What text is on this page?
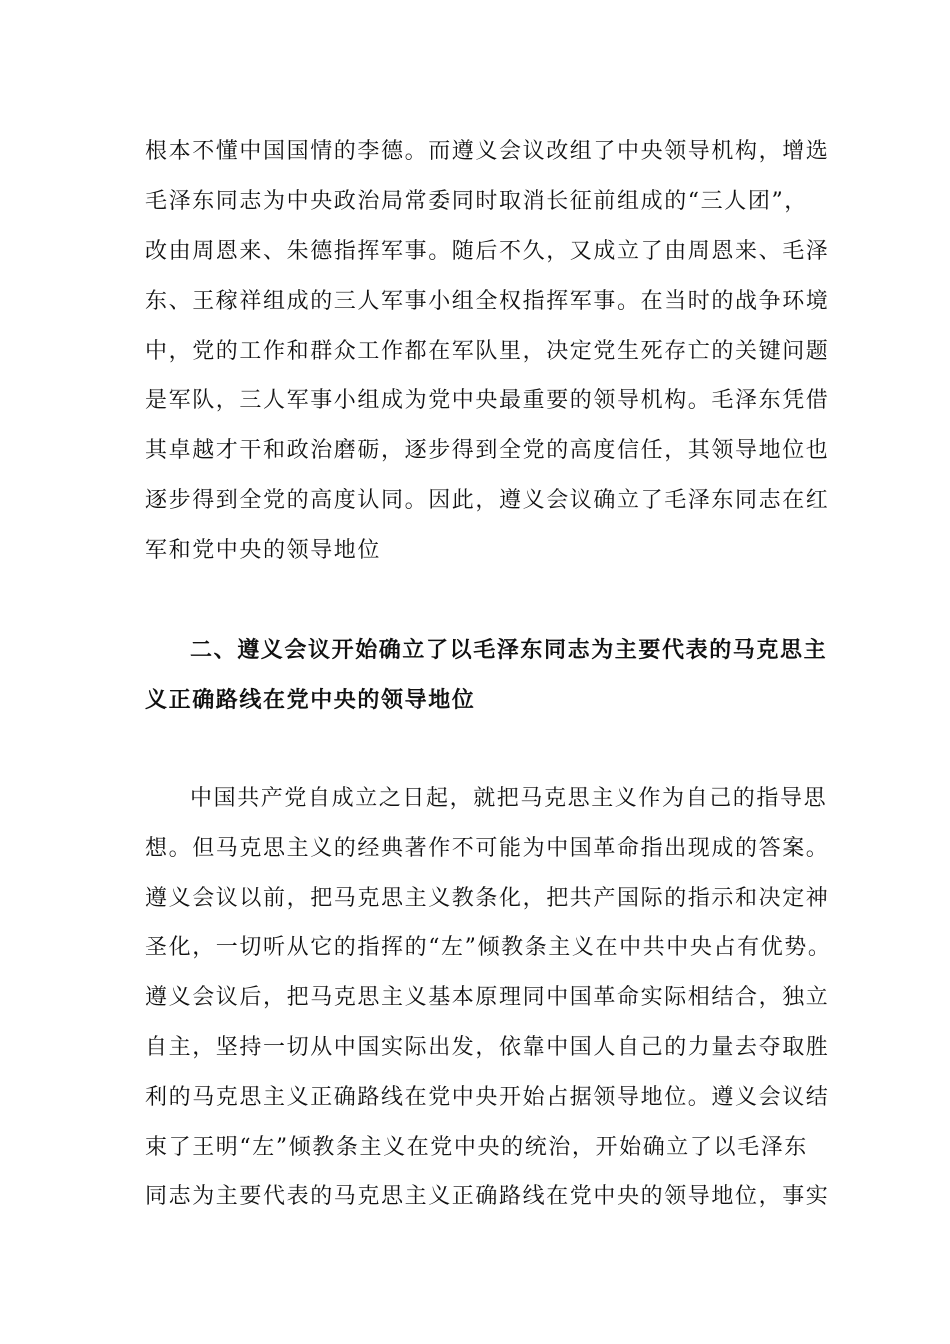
根本不懂中国国情的李德。而遵义会议改组了中央领导机构，增选
毛泽东同志为中央政治局常委同时取消长征前组成的“三人团”，
改由周恩来、朱德指挥军事。随后不久，又成立了由周恩来、毛泽
东、王稼祥组成的三人军事小组全权指挥军事。在当时的战争环境
中，党的工作和群众工作都在军队里，决定党生死存亡的关键问题
是军队，三人军事小组成为党中央最重要的领导机构。毛泽东凭借
其卓越才干和政治磨砺，逐步得到全党的高度信任，其领导地位也
逐步得到全党的高度认同。因此，遵义会议确立了毛泽东同志在红
军和党中央的领导地位
二、遵义会议开始确立了以毛泽东同志为主要代表的马克思主
义正确路线在党中央的领导地位
中国共产党自成立之日起，就把马克思主义作为自己的指导思
想。但马克思主义的经典著作不可能为中国革命指出现成的答案。
遵义会议以前，把马克思主义教条化，把共产国际的指示和决定神
圣化，一切听从它的指挥的“左”倾教条主义在中共中央占有优势。
遵义会议后，把马克思主义基本原理同中国革命实际相结合，独立
自主，坚持一切从中国实际出发，依靠中国人自己的力量去夺取胜
利的马克思主义正确路线在党中央开始占据领导地位。遵义会议结
束了王明“左”倾教条主义在党中央的统治，开始确立了以毛泽东
同志为主要代表的马克思主义正确路线在党中央的领导地位，事实
